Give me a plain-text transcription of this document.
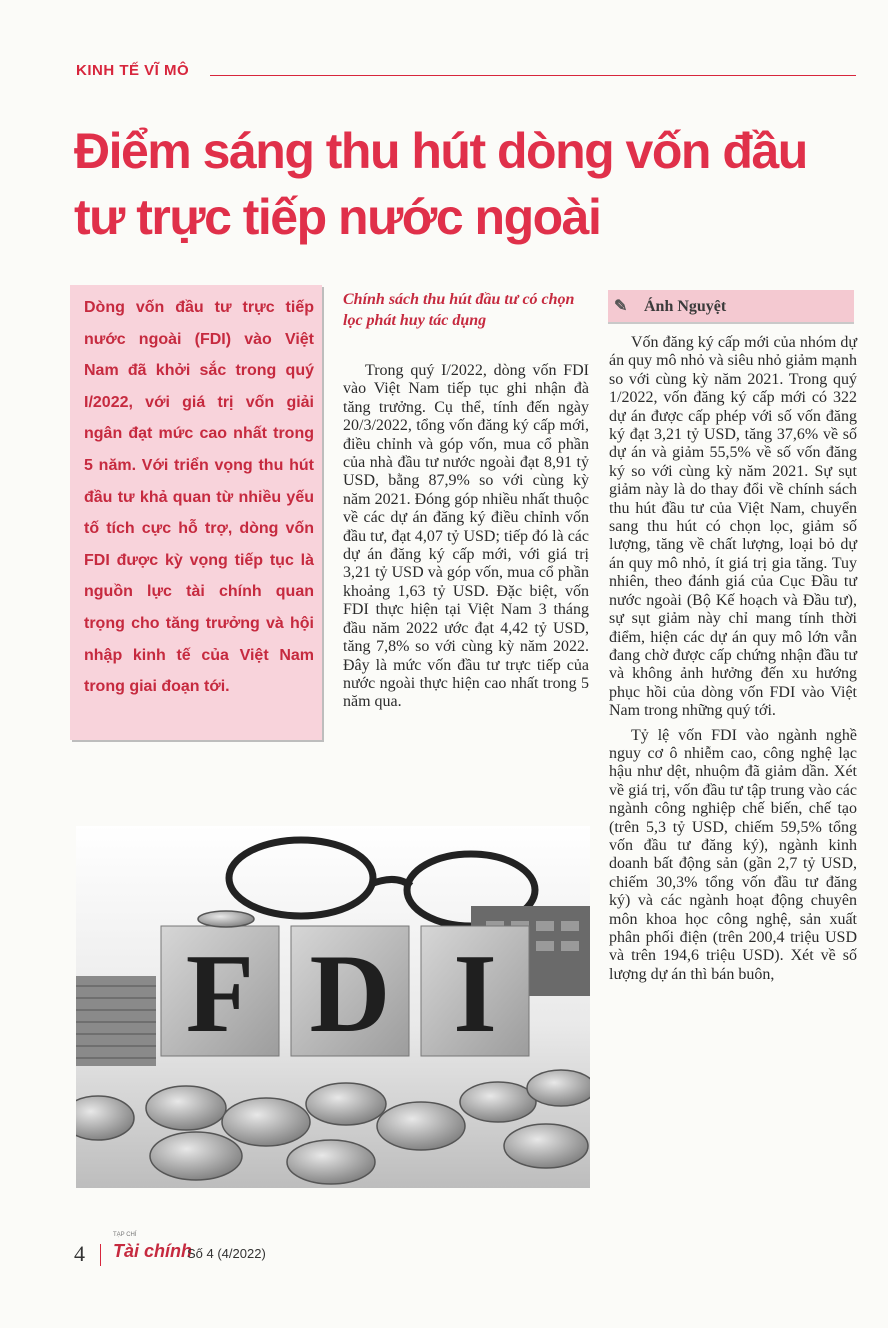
KINH TẾ VĨ MÔ
Điểm sáng thu hút dòng vốn đầu tư trực tiếp nước ngoài

Dòng vốn đầu tư trực tiếp nước ngoài (FDI) vào Việt Nam đã khởi sắc trong quý I/2022, với giá trị vốn giải ngân đạt mức cao nhất trong 5 năm. Với triển vọng thu hút đầu tư khả quan từ nhiều yếu tố tích cực hỗ trợ, dòng vốn FDI được kỳ vọng tiếp tục là nguồn lực tài chính quan trọng cho tăng trưởng và hội nhập kinh tế của Việt Nam trong giai đoạn tới.

Chính sách thu hút đầu tư có chọn lọc phát huy tác dụng

Trong quý I/2022, dòng vốn FDI vào Việt Nam tiếp tục ghi nhận đà tăng trưởng. Cụ thể, tính đến ngày 20/3/2022, tổng vốn đăng ký cấp mới, điều chỉnh và góp vốn, mua cổ phần của nhà đầu tư nước ngoài đạt 8,91 tỷ USD, bằng 87,9% so với cùng kỳ năm 2021. Đóng góp nhiều nhất thuộc về các dự án đăng ký điều chỉnh vốn đầu tư, đạt 4,07 tỷ USD; tiếp đó là các dự án đăng ký cấp mới, với giá trị 3,21 tỷ USD và góp vốn, mua cổ phần khoảng 1,63 tỷ USD. Đặc biệt, vốn FDI thực hiện tại Việt Nam 3 tháng đầu năm 2022 ước đạt 4,42 tỷ USD, tăng 7,8% so với cùng kỳ năm 2022. Đây là mức vốn đầu tư trực tiếp của nước ngoài thực hiện cao nhất trong 5 năm qua.

✎ Ánh Nguyệt

Vốn đăng ký cấp mới của nhóm dự án quy mô nhỏ và siêu nhỏ giảm mạnh so với cùng kỳ năm 2021. Trong quý 1/2022, vốn đăng ký cấp mới có 322 dự án được cấp phép với số vốn đăng ký đạt 3,21 tỷ USD, tăng 37,6% về số dự án và giảm 55,5% về số vốn đăng ký so với cùng kỳ năm 2021. Sự sụt giảm này là do thay đổi về chính sách thu hút đầu tư của Việt Nam, chuyển sang thu hút có chọn lọc, giảm số lượng, tăng về chất lượng, loại bỏ dự án quy mô nhỏ, ít giá trị gia tăng. Tuy nhiên, theo đánh giá của Cục Đầu tư nước ngoài (Bộ Kế hoạch và Đầu tư), sự sụt giảm này chỉ mang tính thời điểm, hiện các dự án quy mô lớn vẫn đang chờ được cấp chứng nhận đầu tư và không ảnh hưởng đến xu hướng phục hồi của dòng vốn FDI vào Việt Nam trong những quý tới.

Tỷ lệ vốn FDI vào ngành nghề nguy cơ ô nhiễm cao, công nghệ lạc hậu như dệt, nhuộm đã giảm dần. Xét về giá trị, vốn đầu tư tập trung vào các ngành công nghiệp chế biến, chế tạo (trên 5,3 tỷ USD, chiếm 59,5% tổng vốn đầu tư đăng ký), ngành kinh doanh bất động sản (gần 2,7 tỷ USD, chiếm 30,3% tổng vốn đầu tư đăng ký) và các ngành hoạt động chuyên môn khoa học công nghệ, sản xuất phân phối điện (trên 200,4 triệu USD và trên 194,6 triệu USD). Xét về số lượng dự án thì bán buôn,

F D I
4
TẠP CHÍ
Tài chính
Số 4 (4/2022)
